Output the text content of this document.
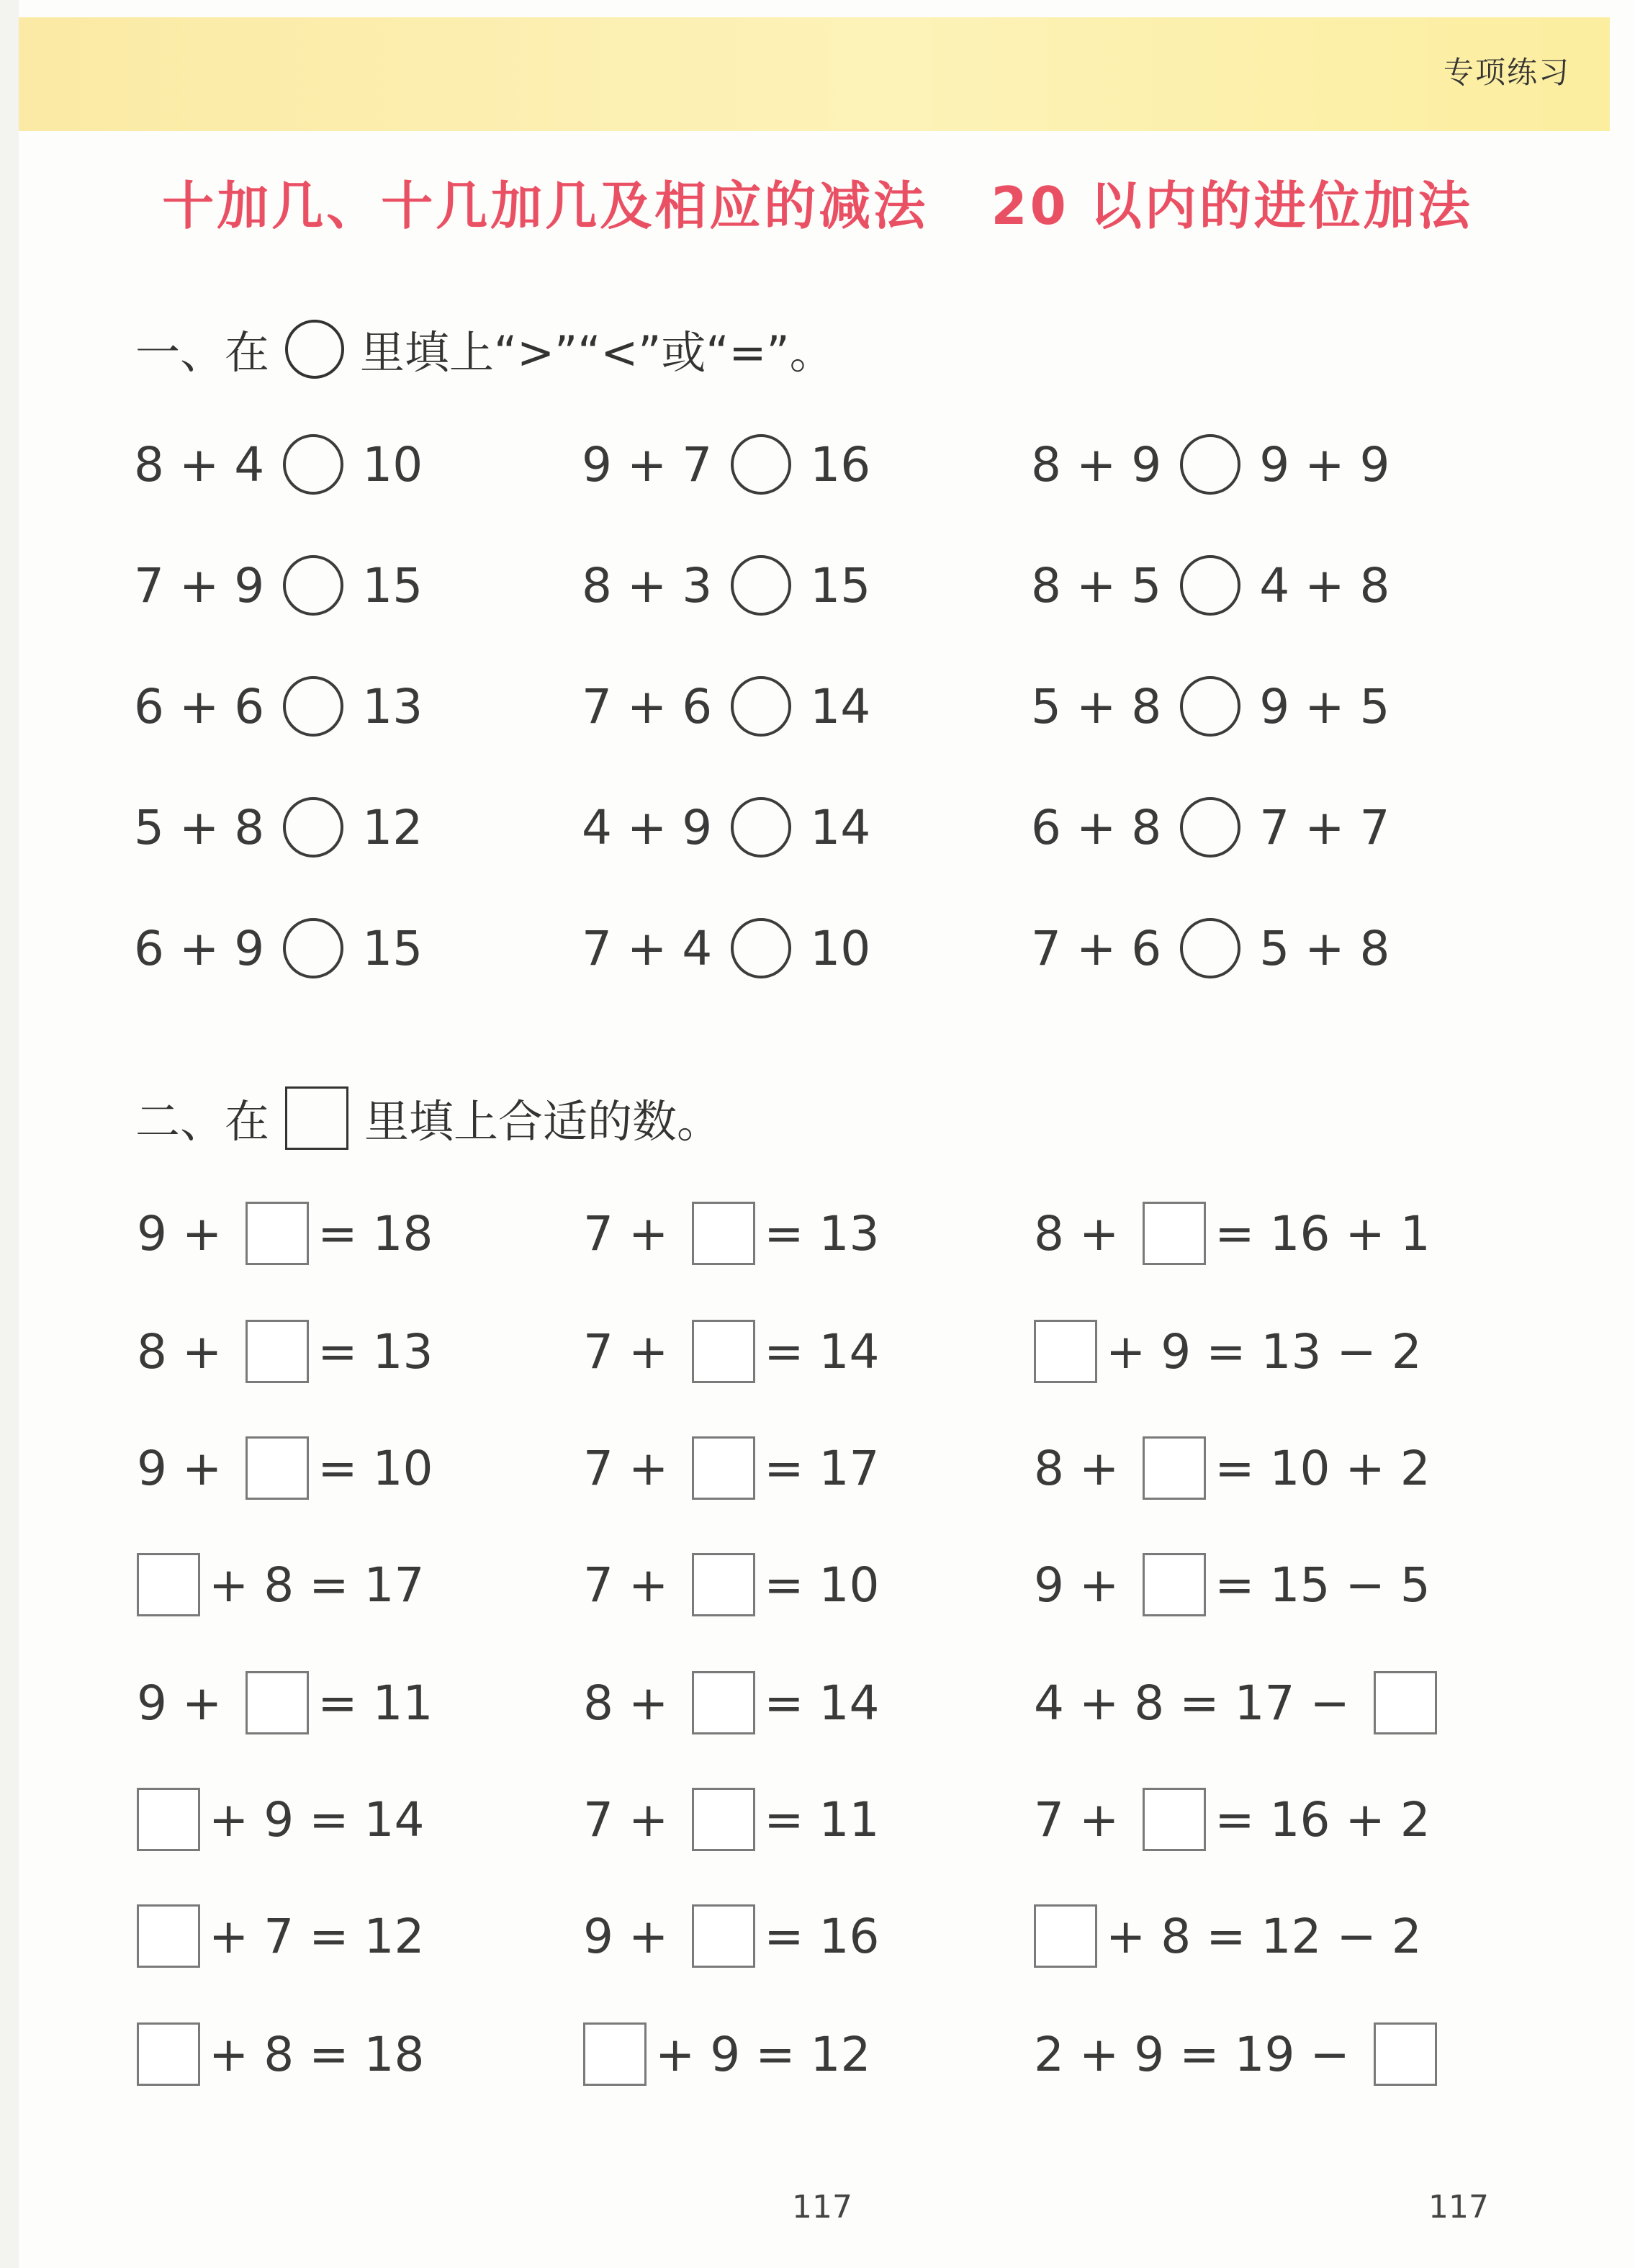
专项练习
十加几、十几加几及相应的减法   20 以内的进位加法
一、在 里填上“>”“<”或“=”。
8 + 4 10	9 + 7 16	8 + 9 9 + 9
7 + 9 15	8 + 3 15	8 + 5 4 + 8
6 + 6 13	7 + 6 14	5 + 8 9 + 5
5 + 8 12	4 + 9 14	6 + 8 7 + 7
6 + 9 15	7 + 4 10	7 + 6 5 + 8
二、在 里填上合适的数。
9 + = 18	7 + = 13	8 + = 16 + 1
8 + = 13	7 + = 14	+ 9 = 13 − 2
9 + = 10	7 + = 17	8 + = 10 + 2
+ 8 = 17	7 + = 10	9 + = 15 − 5
9 + = 11	8 + = 14	4 + 8 = 17 −
+ 9 = 14	7 + = 11	7 + = 16 + 2
+ 7 = 12	9 + = 16	+ 8 = 12 − 2
+ 8 = 18	+ 9 = 12	2 + 9 = 19 −
117	117
